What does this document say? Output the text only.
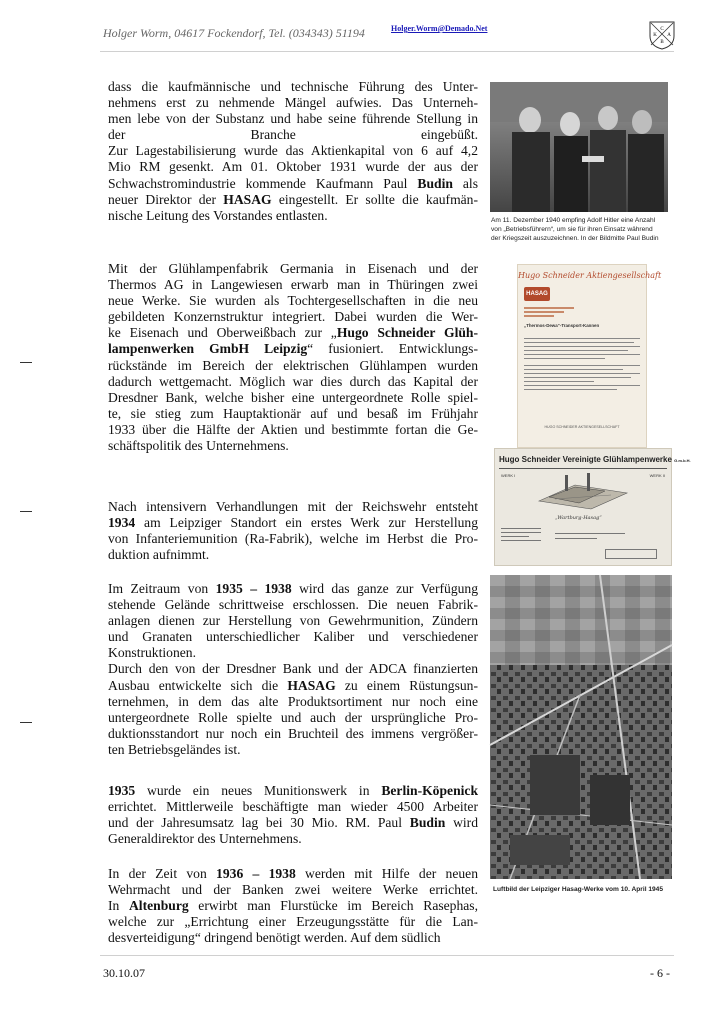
Holger Worm, 04617 Fockendorf, Tel. (034343) 51194	Holger.Worm@Demado.Net	C
K A
B
dass die kaufmännische und technische Führung des Unter-
nehmens erst zu nehmende Mängel aufwies. Das Unterneh-
men lebe von der Substanz und habe seine führende Stellung in
der Branche eingebüßt.
Zur Lagestabilisierung wurde das Aktienkapital von 6 auf 4,2
Mio RM gesenkt. Am 01. Oktober 1931 wurde der aus der
Schwachstromindustrie kommende Kaufmann Paul Budin als
neuer Direktor der HASAG eingestellt. Er sollte die kaufmän-
nische Leitung des Vorstandes entlasten.
Mit der Glühlampenfabrik Germania in Eisenach und der
Thermos AG in Langewiesen erwarb man in Thüringen zwei
neue Werke. Sie wurden als Tochtergesellschaften in die neu
gebildeten Konzernstruktur integriert. Dabei wurden die Wer-
ke Eisenach und Oberweißbach zur „Hugo Schneider Glüh-
lampenwerken GmbH Leipzig“ fusioniert. Entwicklungs-
rückstände im Bereich der elektrischen Glühlampen wurden
dadurch wettgemacht. Möglich war dies durch das Kapital der
Dresdner Bank, welche bisher eine untergeordnete Rolle spiel-
te, sie stieg zum Hauptaktionär auf und besaß im Frühjahr
1933 über die Hälfte der Aktien und bestimmte fortan die Ge-
schäftspolitik des Unternehmens.
Nach intensivern Verhandlungen mit der Reichswehr entsteht
1934 am Leipziger Standort ein erstes Werk zur Herstellung
von Infanteriemunition (Ra-Fabrik), welche im Herbst die Pro-
duktion aufnimmt.
Im Zeitraum von 1935 – 1938 wird das ganze zur Verfügung
stehende Gelände schrittweise erschlossen. Die neuen Fabrik-
anlagen dienen zur Herstellung von Gewehrmunition, Zündern
und Granaten unterschiedlicher Kaliber und verschiedener
Konstruktionen.
Durch den von der Dresdner Bank und der ADCA finanzierten
Ausbau entwickelte sich die HASAG zu einem Rüstungsun-
ternehmen, in dem das alte Produktsortiment nur noch eine
untergeordnete Rolle spielte und auch der ursprüngliche Pro-
duktionsstandort nur noch ein Bruchteil des immens vergrößer-
ten Betriebsgeländes ist.
1935 wurde ein neues Munitionswerk in Berlin-Köpenick
errichtet. Mittlerweile beschäftigte man wieder 4500 Arbeiter
und der Jahresumsatz lag bei 30 Mio. RM. Paul Budin wird
Generaldirektor des Unternehmens.
In der Zeit von 1936 – 1938 werden mit Hilfe der neuen
Wehrmacht und der Banken zwei weitere Werke errichtet.
In Altenburg erwirbt man Flurstücke im Bereich Rasephas,
welche zur „Errichtung einer Erzeugungsstätte für die Lan-
desverteidigung“ dringend benötigt werden. Auf dem südlich
Am 11. Dezember 1940 empfing Adolf Hitler eine Anzahl
von „Betriebsführern“, um sie für ihren Einsatz während
der Kriegszeit auszuzeichnen. In der Bildmitte Paul Budin
Hugo Schneider Aktiengesellschaft
HASAG
„Thermos-Dewa“-Transport-Kannen
HUGO SCHNEIDER AKTIENGESELLSCHAFT
Hugo Schneider Vereinigte Glühlampenwerke G.m.b.H.
WERK I	WERK II
„Wartburg-Hasag“
Luftbild der Leipziger Hasag-Werke vom 10. April 1945
30.10.07	- 6 -
